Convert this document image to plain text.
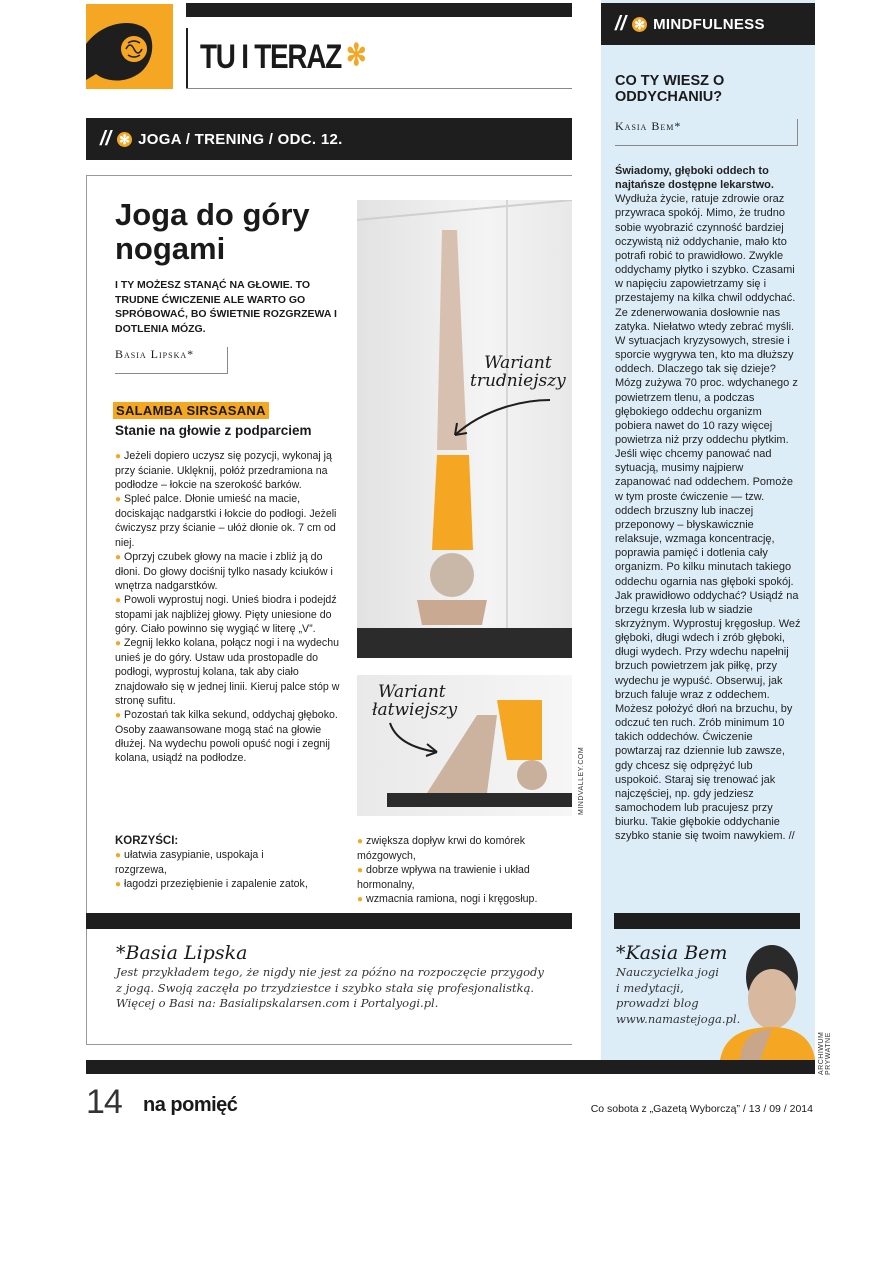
TU I TERAZ ✻
// ✻ JOGA / TRENING / ODC. 12.
Joga do góry nogami
I TY MOŻESZ STANĄĆ NA GŁOWIE. TO TRUDNE ĆWICZENIE ALE WARTO GO SPRÓBOWAĆ, BO ŚWIETNIE ROZGRZEWA I DOTLENIA MÓZG.
Basia Lipska*
SALAMBA SIRSASANA
Stanie na głowie z podparciem

● Jeżeli dopiero uczysz się pozycji, wykonaj ją przy ścianie. Uklęknij, połóż przedramiona na podłodze – łokcie na szerokość barków.

● Spleć palce. Dłonie umieść na macie, dociskając nadgarstki i łokcie do podłogi. Jeżeli ćwiczysz przy ścianie – ułóż dłonie ok. 7 cm od niej.

● Oprzyj czubek głowy na macie i zbliż ją do dłoni. Do głowy dociśnij tylko nasady kciuków i wnętrza nadgarstków.

● Powoli wyprostuj nogi. Unieś biodra i podejdź stopami jak najbliżej głowy. Pięty uniesione do góry. Ciało powinno się wygiąć w literę „V”.

● Zegnij lekko kolana, połącz nogi i na wydechu unieś je do góry. Ustaw uda prostopadle do podłogi, wyprostuj kolana, tak aby ciało znajdowało się w jednej linii. Kieruj palce stóp w stronę sufitu.

● Pozostań tak kilka sekund, oddychaj głęboko. Osoby zaawansowane mogą stać na głowie dłużej. Na wydechu powoli opuść nogi i zegnij kolana, usiądź na podłodze.

KORZYŚCI:

● ułatwia zasypianie, uspokaja i rozgrzewa,

● łagodzi przeziębienie i zapalenie zatok,

● zwiększa dopływ krwi do komórek mózgowych,

● dobrze wpływa na trawienie i układ hormonalny,

● wzmacnia ramiona, nogi i kręgosłup.

Wariant
trudniejszy
Wariant
łatwiejszy
MINDVALLEY.COM
*Basia Lipska
Jest przykładem tego, że nigdy nie jest za późno na rozpoczęcie przygody
z jogą. Swoją zaczęła po trzydziestce i szybko stała się profesjonalistką.
Więcej o Basi na: Basialipskalarsen.com i Portalyogi.pl.
// ✻ MINDFULNESS
CO TY WIESZ O ODDYCHANIU?
Kasia Bem*

Świadomy, głęboki oddech to najtańsze dostępne lekarstwo.

Wydłuża życie, ratuje zdrowie oraz przywraca spokój. Mimo, że trudno sobie wyobrazić czynność bardziej oczywistą niż oddychanie, mało kto potrafi robić to prawidłowo. Zwykle oddychamy płytko i szybko. Czasami w napięciu zapowietrzamy się i przestajemy na kilka chwil oddychać. Ze zdenerwowania dosłownie nas zatyka. Niełatwo wtedy zebrać myśli. W sytuacjach kryzysowych, stresie i sporcie wygrywa ten, kto ma dłuższy oddech. Dlaczego tak się dzieje? Mózg zużywa 70 proc. wdychanego z powietrzem tlenu, a podczas głębokiego oddechu organizm pobiera nawet do 10 razy więcej powietrza niż przy oddechu płytkim. Jeśli więc chcemy panować nad sytuacją, musimy najpierw zapanować nad oddechem. Pomoże w tym proste ćwiczenie — tzw. oddech brzuszny lub inaczej przeponowy – błyskawicznie relaksuje, wzmaga koncentrację, poprawia pamięć i dotlenia cały organizm. Po kilku minutach takiego oddechu ogarnia nas głęboki spokój. Jak prawidłowo oddychać? Usiądź na brzegu krzesła lub w siadzie skrzyżnym. Wyprostuj kręgosłup. Weź głęboki, długi wdech i zrób głęboki, długi wydech. Przy wdechu napełnij brzuch powietrzem jak piłkę, przy wydechu je wypuść. Obserwuj, jak brzuch faluje wraz z oddechem. Możesz położyć dłoń na brzuchu, by odczuć ten ruch. Zrób minimum 10 takich oddechów. Ćwiczenie powtarzaj raz dziennie lub zawsze, gdy chcesz się odprężyć lub uspokoić. Staraj się trenować jak najczęściej, np. gdy jedziesz samochodem lub pracujesz przy biurku. Takie głębokie oddychanie szybko stanie się twoim nawykiem. //

*Kasia Bem
Nauczycielka jogi
i medytacji,
prowadzi blog
www.namastejoga.pl.
ARCHIWUM PRYWATNE
14 na pomięć	Co sobota z „Gazetą Wyborczą” / 13 / 09 / 2014
